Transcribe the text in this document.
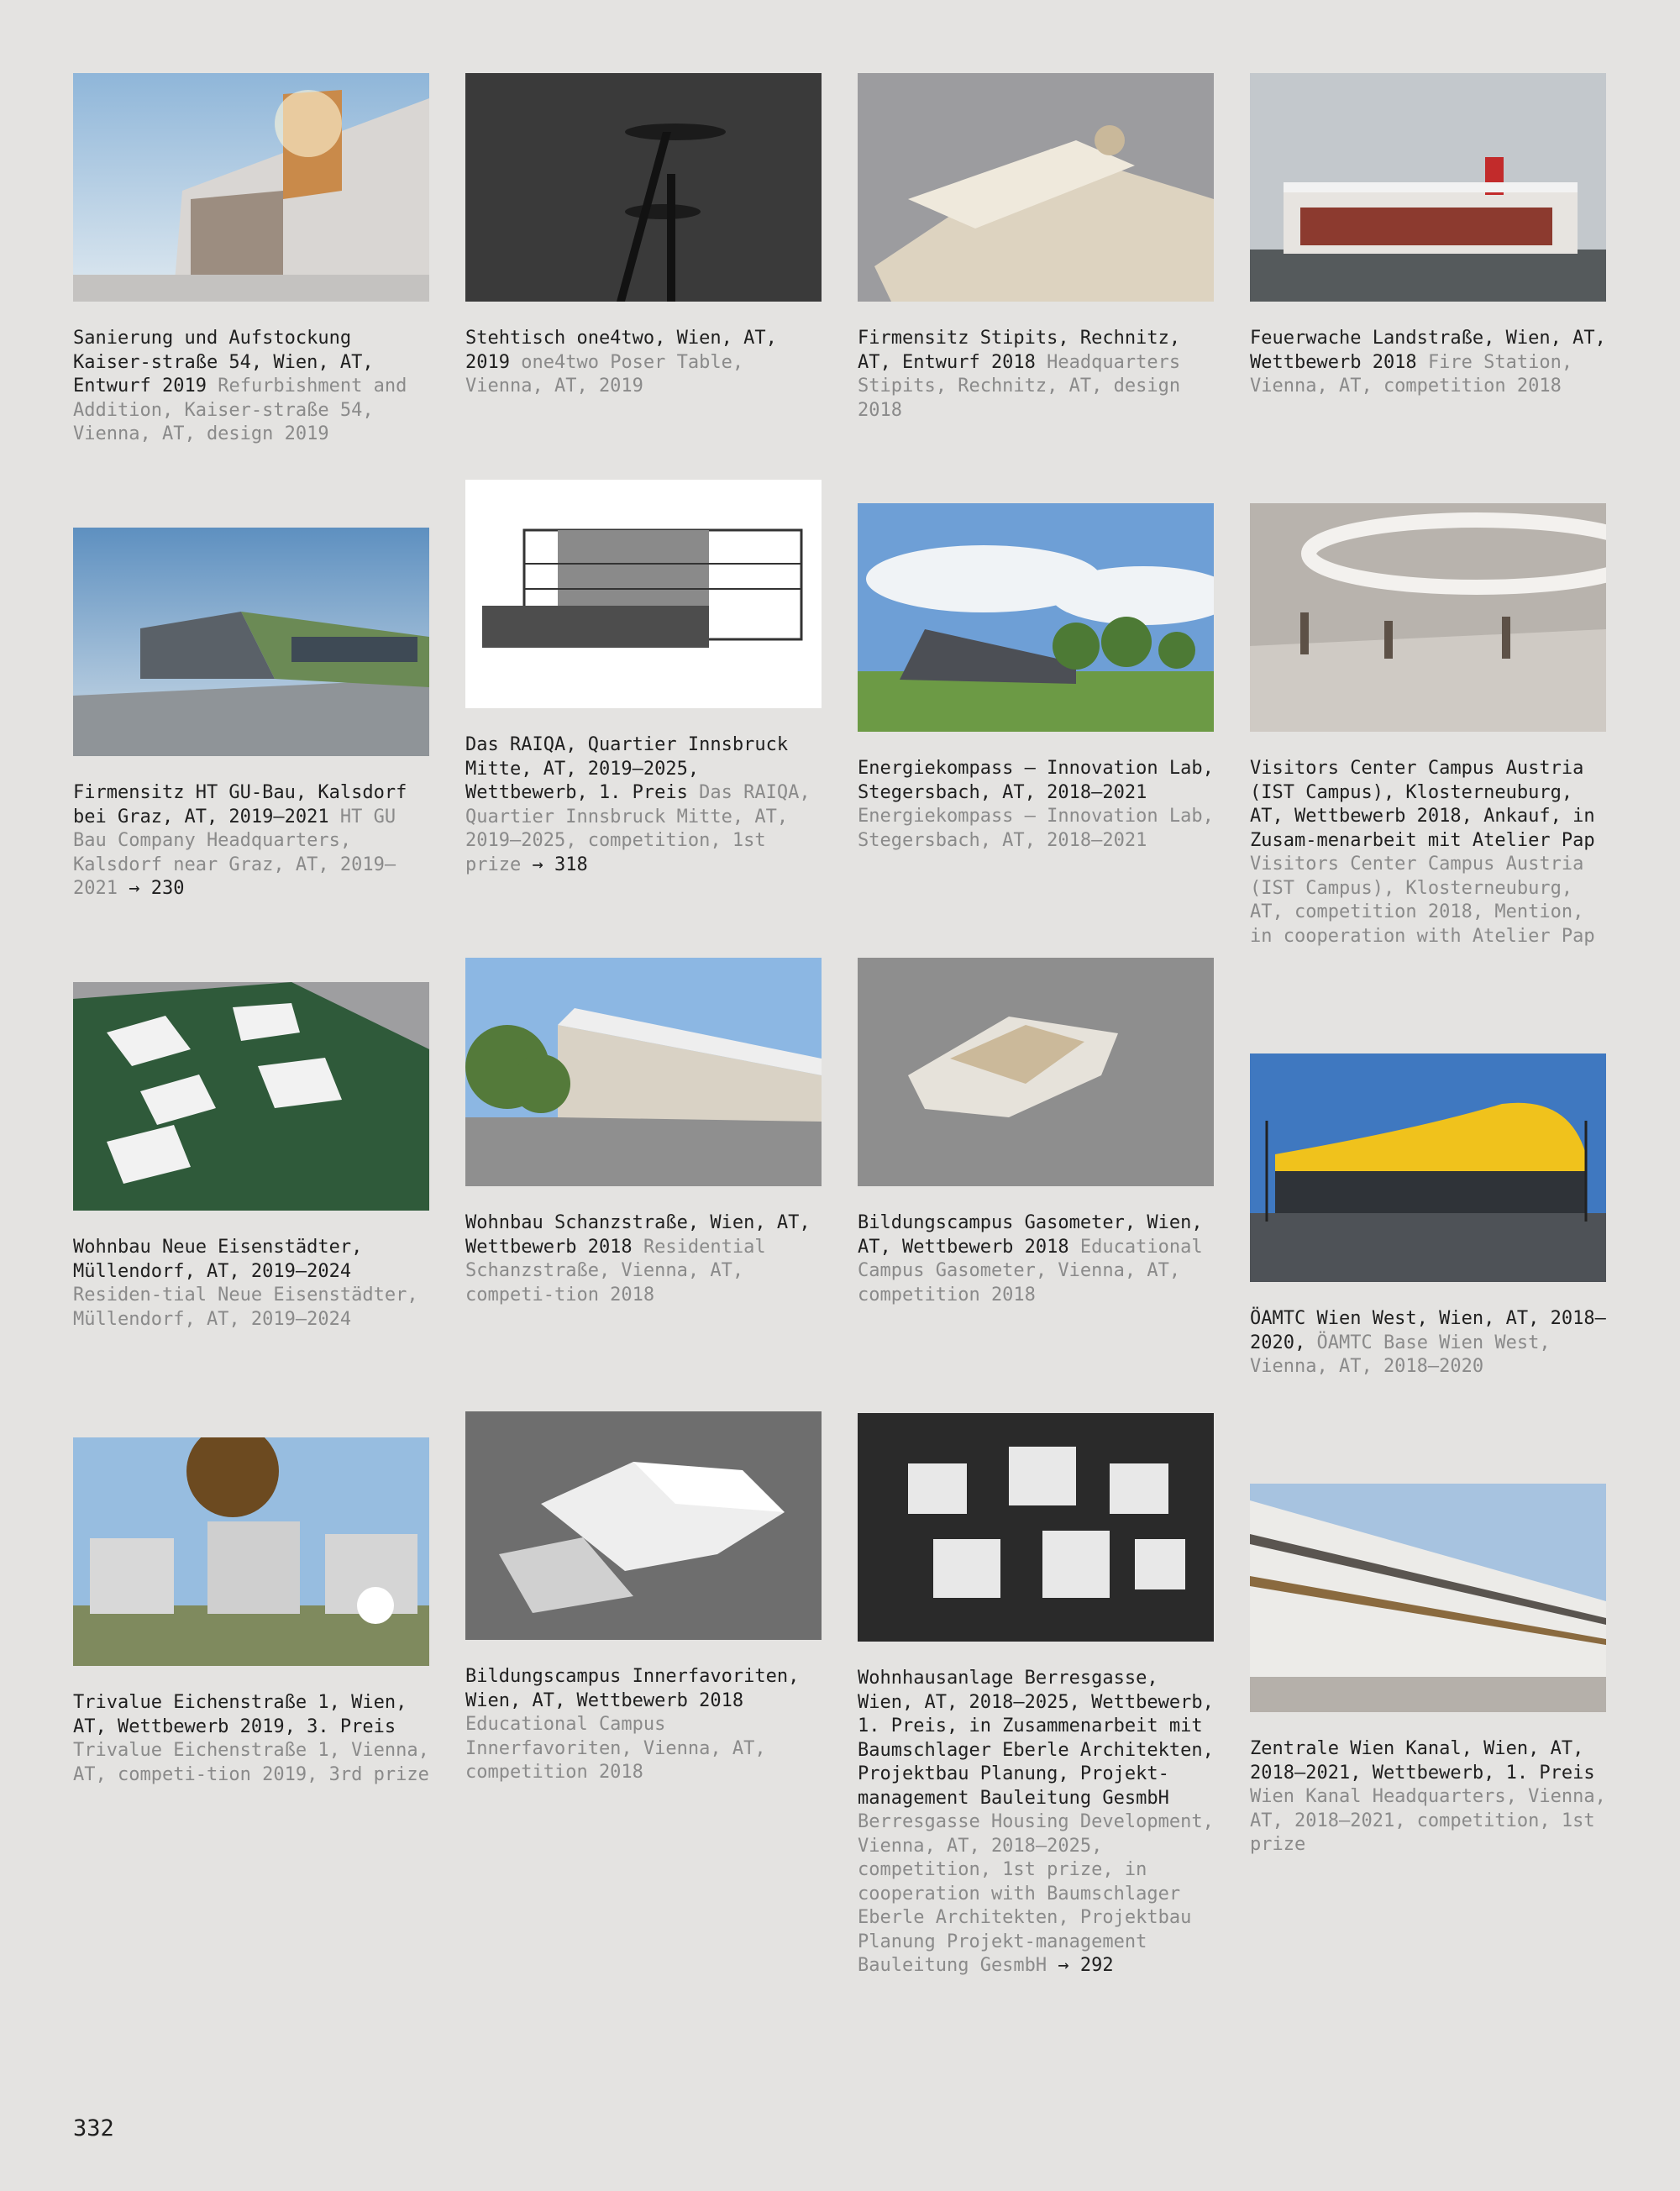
Sanierung und Aufstockung Kaiser-straße 54, Wien, AT, Entwurf 2019 Refurbishment and Addition, Kaiser-straße 54, Vienna, AT, design 2019
Stehtisch one4two, Wien, AT, 2019 one4two Poser Table, Vienna, AT, 2019
Firmensitz Stipits, Rechnitz, AT, Entwurf 2018 Headquarters Stipits, Rechnitz, AT, design 2018
Feuerwache Landstraße, Wien, AT, Wettbewerb 2018 Fire Station, Vienna, AT, competition 2018
Firmensitz HT GU-Bau, Kalsdorf bei Graz, AT, 2019–2021 HT GU Bau Company Headquarters, Kalsdorf near Graz, AT, 2019–2021 → 230
Das RAIQA, Quartier Innsbruck Mitte, AT, 2019–2025, Wettbewerb, 1. Preis Das RAIQA, Quartier Innsbruck Mitte, AT, 2019–2025, competition, 1st prize → 318
Energiekompass – Innovation Lab, Stegersbach, AT, 2018–2021 Energiekompass – Innovation Lab, Stegersbach, AT, 2018–2021
Visitors Center Campus Austria (IST Campus), Klosterneuburg, AT, Wettbewerb 2018, Ankauf, in Zusam-menarbeit mit Atelier Pap Visitors Center Campus Austria (IST Campus), Klosterneuburg, AT, competition 2018, Mention, in cooperation with Atelier Pap
Wohnbau Neue Eisenstädter, Müllendorf, AT, 2019–2024 Residen-tial Neue Eisenstädter, Müllendorf, AT, 2019–2024
Wohnbau Schanzstraße, Wien, AT, Wettbewerb 2018 Residential Schanzstraße, Vienna, AT, competi-tion 2018
Bildungscampus Gasometer, Wien, AT, Wettbewerb 2018 Educational Campus Gasometer, Vienna, AT, competition 2018
ÖAMTC Wien West, Wien, AT, 2018–2020, ÖAMTC Base Wien West, Vienna, AT, 2018–2020
Trivalue Eichenstraße 1, Wien, AT, Wettbewerb 2019, 3. Preis Trivalue Eichenstraße 1, Vienna, AT, competi-tion 2019, 3rd prize
Bildungscampus Innerfavoriten, Wien, AT, Wettbewerb 2018 Educational Campus Innerfavoriten, Vienna, AT, competition 2018
Wohnhausanlage Berresgasse, Wien, AT, 2018–2025, Wettbewerb, 1. Preis, in Zusammenarbeit mit Baumschlager Eberle Architekten, Projektbau Planung, Projekt-management Bauleitung GesmbH Berresgasse Housing Development, Vienna, AT, 2018–2025, competition, 1st prize, in cooperation with Baumschlager Eberle Architekten, Projektbau Planung Projekt-management Bauleitung GesmbH → 292
Zentrale Wien Kanal, Wien, AT, 2018–2021, Wettbewerb, 1. Preis Wien Kanal Headquarters, Vienna, AT, 2018–2021, competition, 1st prize
332
